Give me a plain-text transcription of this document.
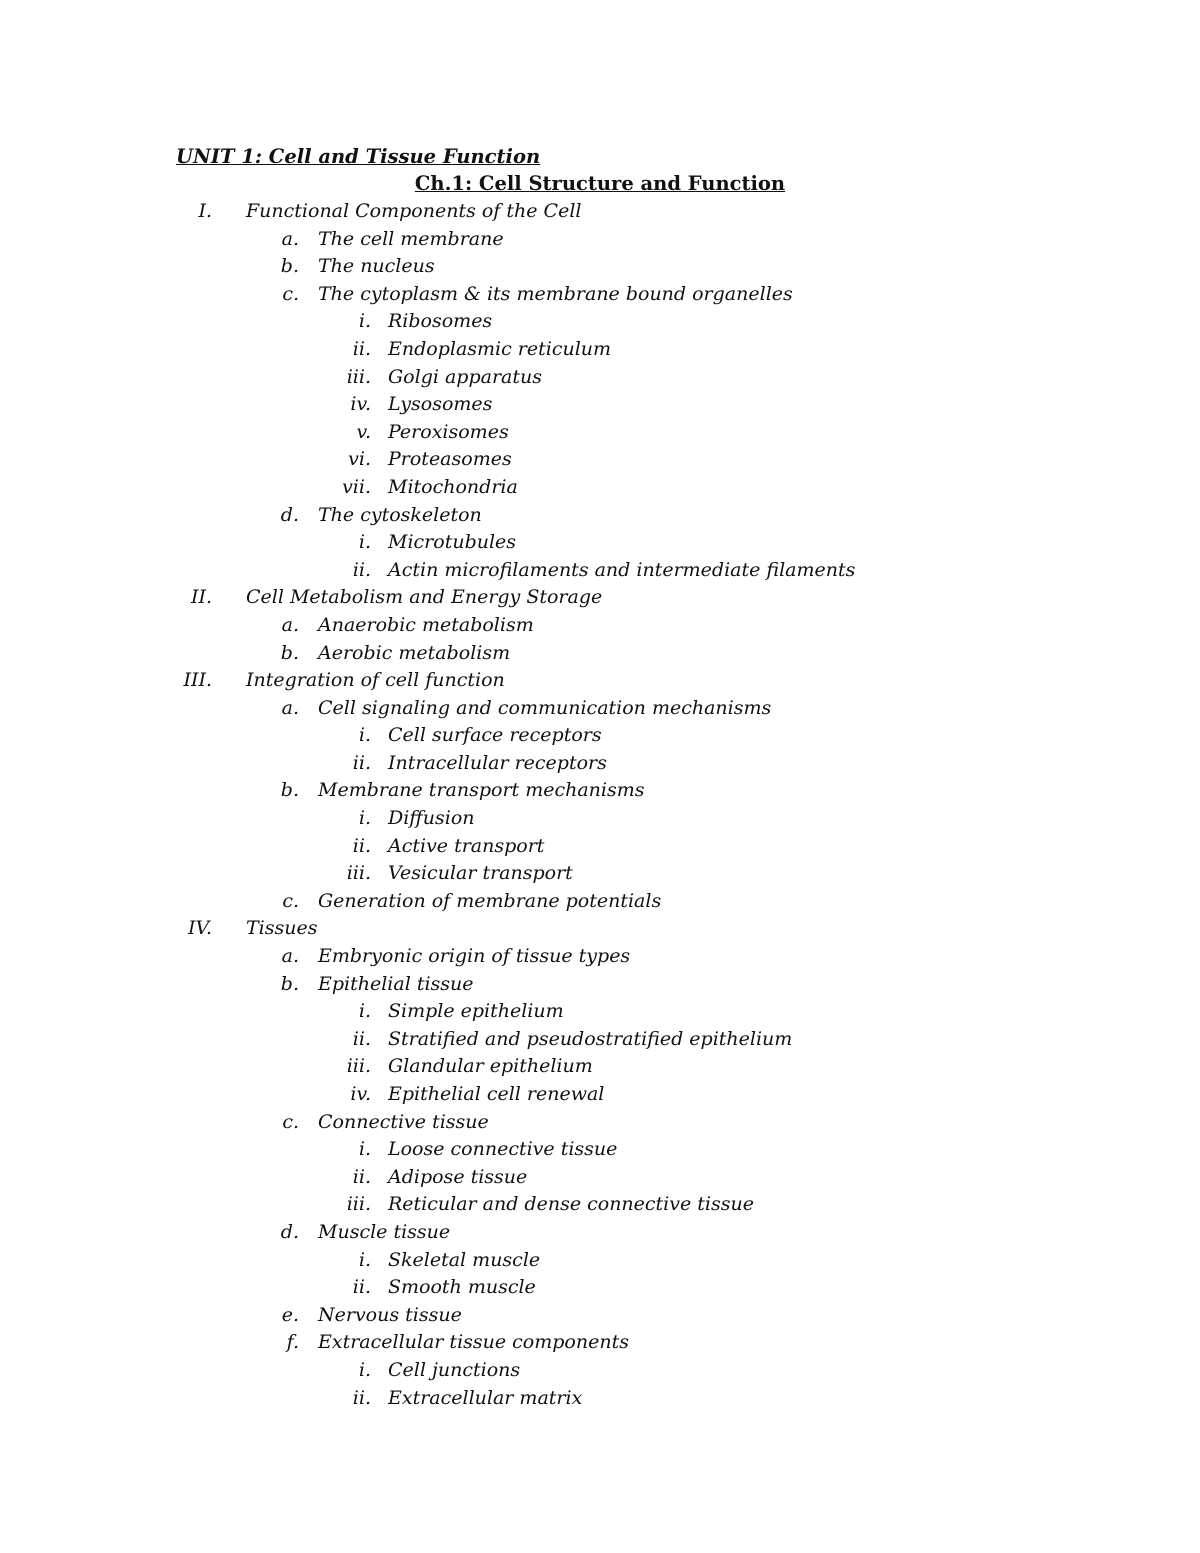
UNIT 1: Cell and Tissue Function
Ch.1: Cell Structure and Function
I. Functional Components of the Cell
a. The cell membrane
b. The nucleus
c. The cytoplasm & its membrane bound organelles
i. Ribosomes
ii. Endoplasmic reticulum
iii. Golgi apparatus
iv. Lysosomes
v. Peroxisomes
vi. Proteasomes
vii. Mitochondria
d. The cytoskeleton
i. Microtubules
ii. Actin microfilaments and intermediate filaments
II. Cell Metabolism and Energy Storage
a. Anaerobic metabolism
b. Aerobic metabolism
III. Integration of cell function
a. Cell signaling and communication mechanisms
i. Cell surface receptors
ii. Intracellular receptors
b. Membrane transport mechanisms
i. Diffusion
ii. Active transport
iii. Vesicular transport
c. Generation of membrane potentials
IV. Tissues
a. Embryonic origin of tissue types
b. Epithelial tissue
i. Simple epithelium
ii. Stratified and pseudostratified epithelium
iii. Glandular epithelium
iv. Epithelial cell renewal
c. Connective tissue
i. Loose connective tissue
ii. Adipose tissue
iii. Reticular and dense connective tissue
d. Muscle tissue
i. Skeletal muscle
ii. Smooth muscle
e. Nervous tissue
f. Extracellular tissue components
i. Cell junctions
ii. Extracellular matrix
